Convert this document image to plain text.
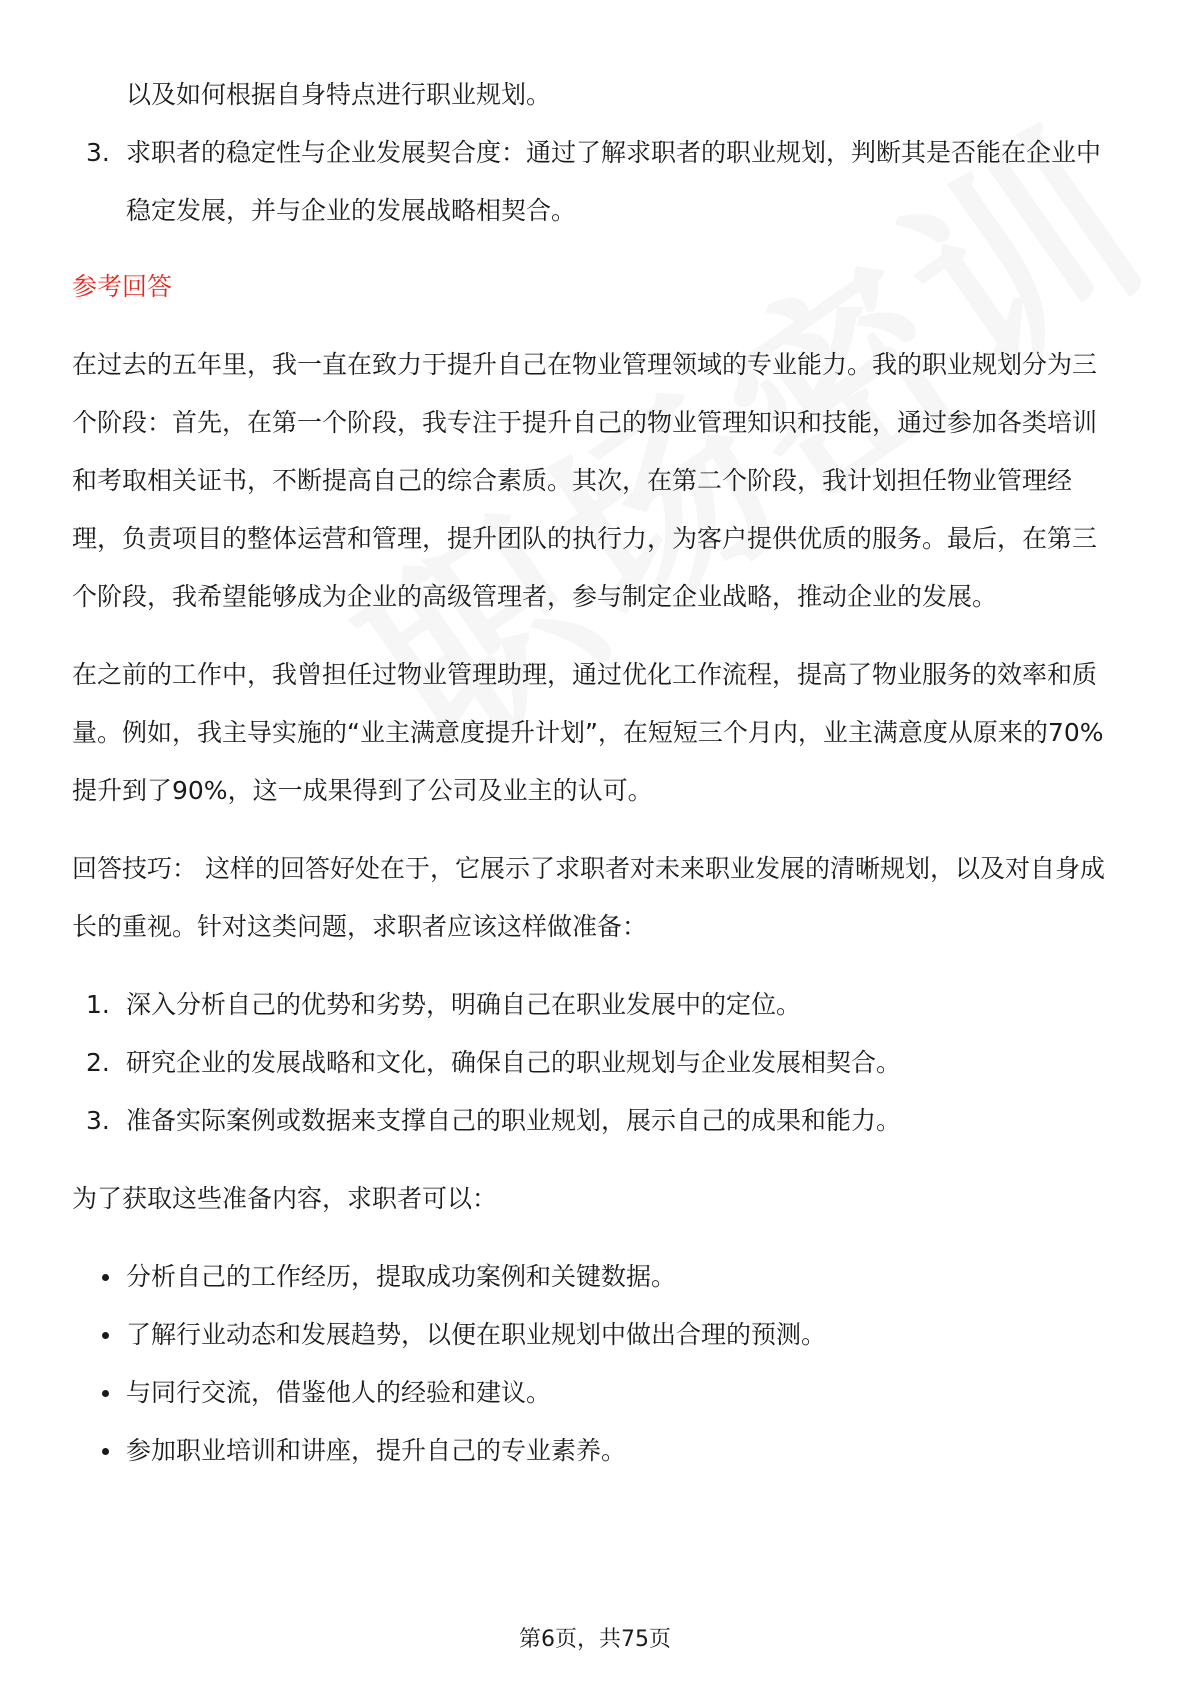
以及如何根据自身特点进行职业规划。
3. 求职者的稳定性与企业发展契合度：通过了解求职者的职业规划，判断其是否能在企业中稳定发展，并与企业的发展战略相契合。
参考回答

在过去的五年里，我一直在致力于提升自己在物业管理领域的专业能力。我的职业规划分为三个阶段：首先，在第一个阶段，我专注于提升自己的物业管理知识和技能，通过参加各类培训和考取相关证书，不断提高自己的综合素质。其次，在第二个阶段，我计划担任物业管理经理，负责项目的整体运营和管理，提升团队的执行力，为客户提供优质的服务。最后，在第三个阶段，我希望能够成为企业的高级管理者，参与制定企业战略，推动企业的发展。

在之前的工作中，我曾担任过物业管理助理，通过优化工作流程，提高了物业服务的效率和质量。例如，我主导实施的“业主满意度提升计划”，在短短三个月内，业主满意度从原来的70%提升到了90%，这一成果得到了公司及业主的认可。

回答技巧： 这样的回答好处在于，它展示了求职者对未来职业发展的清晰规划，以及对自身成长的重视。针对这类问题，求职者应该这样做准备：

1. 深入分析自己的优势和劣势，明确自己在职业发展中的定位。
2. 研究企业的发展战略和文化，确保自己的职业规划与企业发展相契合。
3. 准备实际案例或数据来支撑自己的职业规划，展示自己的成果和能力。

为了获取这些准备内容，求职者可以：

分析自己的工作经历，提取成功案例和关键数据。
了解行业动态和发展趋势，以便在职业规划中做出合理的预测。
与同行交流，借鉴他人的经验和建议。
参加职业培训和讲座，提升自己的专业素养。
第6页，共75页
